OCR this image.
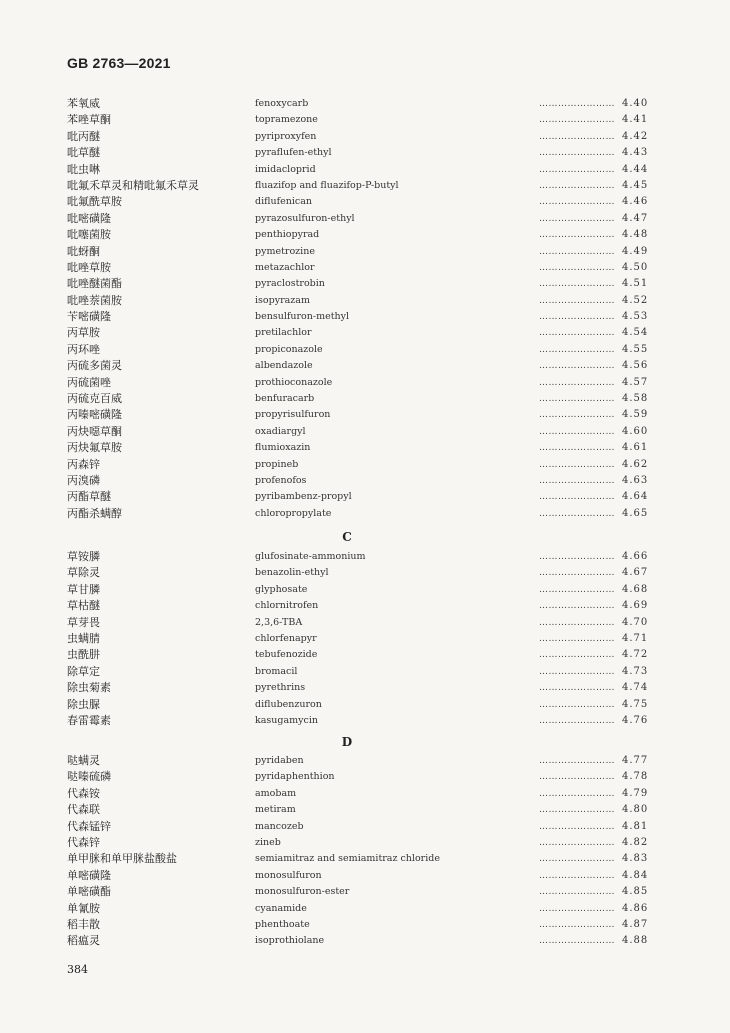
GB 2763—2021
苯氧威	fenoxycarb	…………………… 4.40
苯唑草酮	topramezone	…………………… 4.41
吡丙醚	pyriproxyfen	…………………… 4.42
吡草醚	pyraflufen-ethyl	…………………… 4.43
吡虫啉	imidacloprid	…………………… 4.44
吡氟禾草灵和精吡氟禾草灵	fluazifop and fluazifop-P-butyl	…………………… 4.45
吡氟酰草胺	diflufenican	…………………… 4.46
吡嘧磺隆	pyrazosulfuron-ethyl	…………………… 4.47
吡噻菌胺	penthiopyrad	…………………… 4.48
吡蚜酮	pymetrozine	…………………… 4.49
吡唑草胺	metazachlor	…………………… 4.50
吡唑醚菌酯	pyraclostrobin	…………………… 4.51
吡唑萘菌胺	isopyrazam	…………………… 4.52
苄嘧磺隆	bensulfuron-methyl	…………………… 4.53
丙草胺	pretilachlor	…………………… 4.54
丙环唑	propiconazole	…………………… 4.55
丙硫多菌灵	albendazole	…………………… 4.56
丙硫菌唑	prothioconazole	…………………… 4.57
丙硫克百威	benfuracarb	…………………… 4.58
丙嗪嘧磺隆	propyrisulfuron	…………………… 4.59
丙炔噁草酮	oxadiargyl	…………………… 4.60
丙炔氟草胺	flumioxazin	…………………… 4.61
丙森锌	propineb	…………………… 4.62
丙溴磷	profenofos	…………………… 4.63
丙酯草醚	pyribambenz-propyl	…………………… 4.64
丙酯杀螨醇	chloropropylate	…………………… 4.65
C
草铵膦	glufosinate-ammonium	…………………… 4.66
草除灵	benazolin-ethyl	…………………… 4.67
草甘膦	glyphosate	…………………… 4.68
草枯醚	chlornitrofen	…………………… 4.69
草芽畏	2,3,6-TBA	…………………… 4.70
虫螨腈	chlorfenapyr	…………………… 4.71
虫酰肼	tebufenozide	…………………… 4.72
除草定	bromacil	…………………… 4.73
除虫菊素	pyrethrins	…………………… 4.74
除虫脲	diflubenzuron	…………………… 4.75
春雷霉素	kasugamycin	…………………… 4.76
D
哒螨灵	pyridaben	…………………… 4.77
哒嗪硫磷	pyridaphenthion	…………………… 4.78
代森铵	amobam	…………………… 4.79
代森联	metiram	…………………… 4.80
代森锰锌	mancozeb	…………………… 4.81
代森锌	zineb	…………………… 4.82
单甲脒和单甲脒盐酸盐	semiamitraz and semiamitraz chloride	…………………… 4.83
单嘧磺隆	monosulfuron	…………………… 4.84
单嘧磺酯	monosulfuron-ester	…………………… 4.85
单氰胺	cyanamide	…………………… 4.86
稻丰散	phenthoate	…………………… 4.87
稻瘟灵	isoprothiolane	…………………… 4.88
384
